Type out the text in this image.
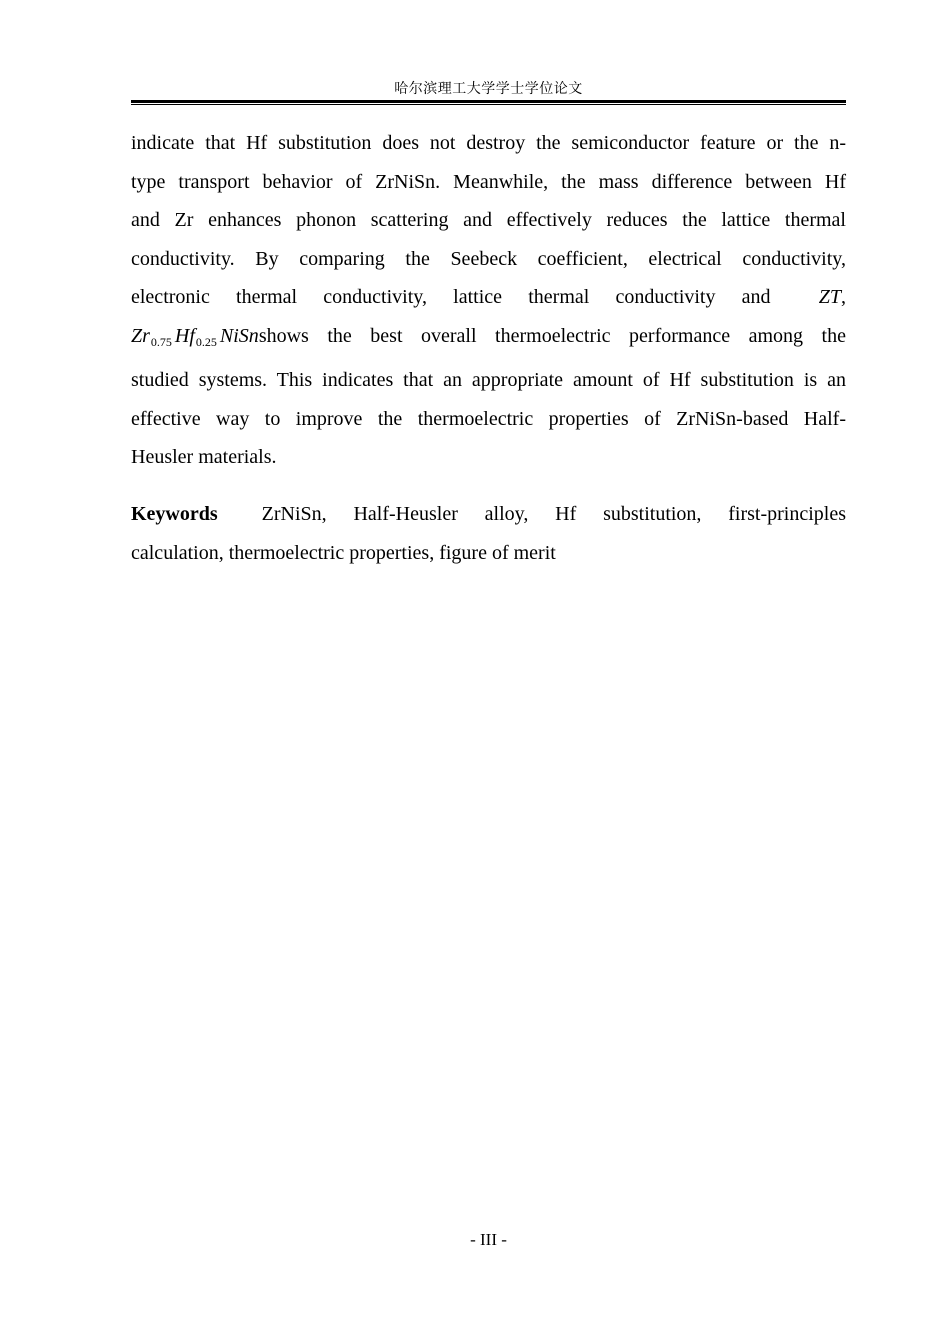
哈尔滨理工大学学士学位论文
indicate that Hf substitution does not destroy the semiconductor feature or the n-
type transport behavior of ZrNiSn. Meanwhile, the mass difference between Hf
and Zr enhances phonon scattering and effectively reduces the lattice thermal
conductivity. By comparing the Seebeck coefficient, electrical conductivity,
electronic thermal conductivity, lattice thermal conductivity and ZT,
$Zr_{0.75}$ $Hf_{0.25}$ NiSnshows the best overall thermoelectric performance among the
studied systems. This indicates that an appropriate amount of Hf substitution is an
effective way to improve the thermoelectric properties of ZrNiSn-based Half-
Heusler materials.
Keywords ZrNiSn, Half-Heusler alloy, Hf substitution, first-principles
calculation, thermoelectric properties, figure of merit
- III -
